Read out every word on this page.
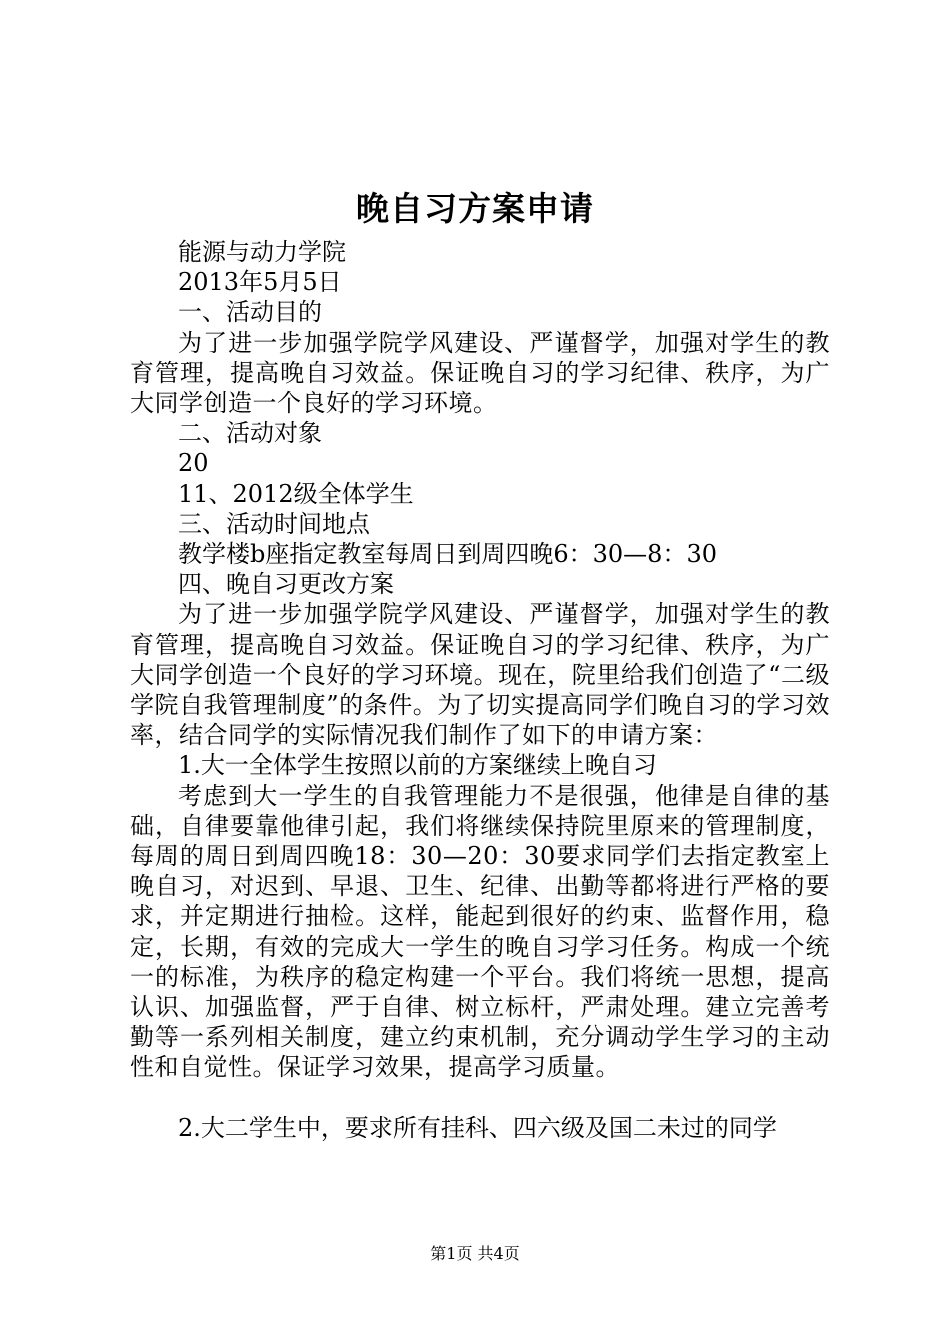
晚自习方案申请

能源与动力学院

2013年5月5日

一、活动目的

为了进一步加强学院学风建设、严谨督学，加强对学生的教育管理，提高晚自习效益。保证晚自习的学习纪律、秩序，为广大同学创造一个良好的学习环境。

二、活动对象

20

11、2012级全体学生

三、活动时间地点

教学楼b座指定教室每周日到周四晚6：30—8：30

四、晚自习更改方案

为了进一步加强学院学风建设、严谨督学，加强对学生的教育管理，提高晚自习效益。保证晚自习的学习纪律、秩序，为广大同学创造一个良好的学习环境。现在，院里给我们创造了“二级学院自我管理制度”的条件。为了切实提高同学们晚自习的学习效率，结合同学的实际情况我们制作了如下的申请方案：

1.大一全体学生按照以前的方案继续上晚自习

考虑到大一学生的自我管理能力不是很强，他律是自律的基础，自律要靠他律引起，我们将继续保持院里原来的管理制度，每周的周日到周四晚18：30—20：30要求同学们去指定教室上晚自习，对迟到、早退、卫生、纪律、出勤等都将进行严格的要求，并定期进行抽检。这样，能起到很好的约束、监督作用，稳定，长期，有效的完成大一学生的晚自习学习任务。构成一个统一的标准，为秩序的稳定构建一个平台。我们将统一思想，提高认识、加强监督，严于自律、树立标杆，严肃处理。建立完善考勤等一系列相关制度，建立约束机制，充分调动学生学习的主动性和自觉性。保证学习效果，提高学习质量。

2.大二学生中，要求所有挂科、四六级及国二未过的同学

第1页 共4页
